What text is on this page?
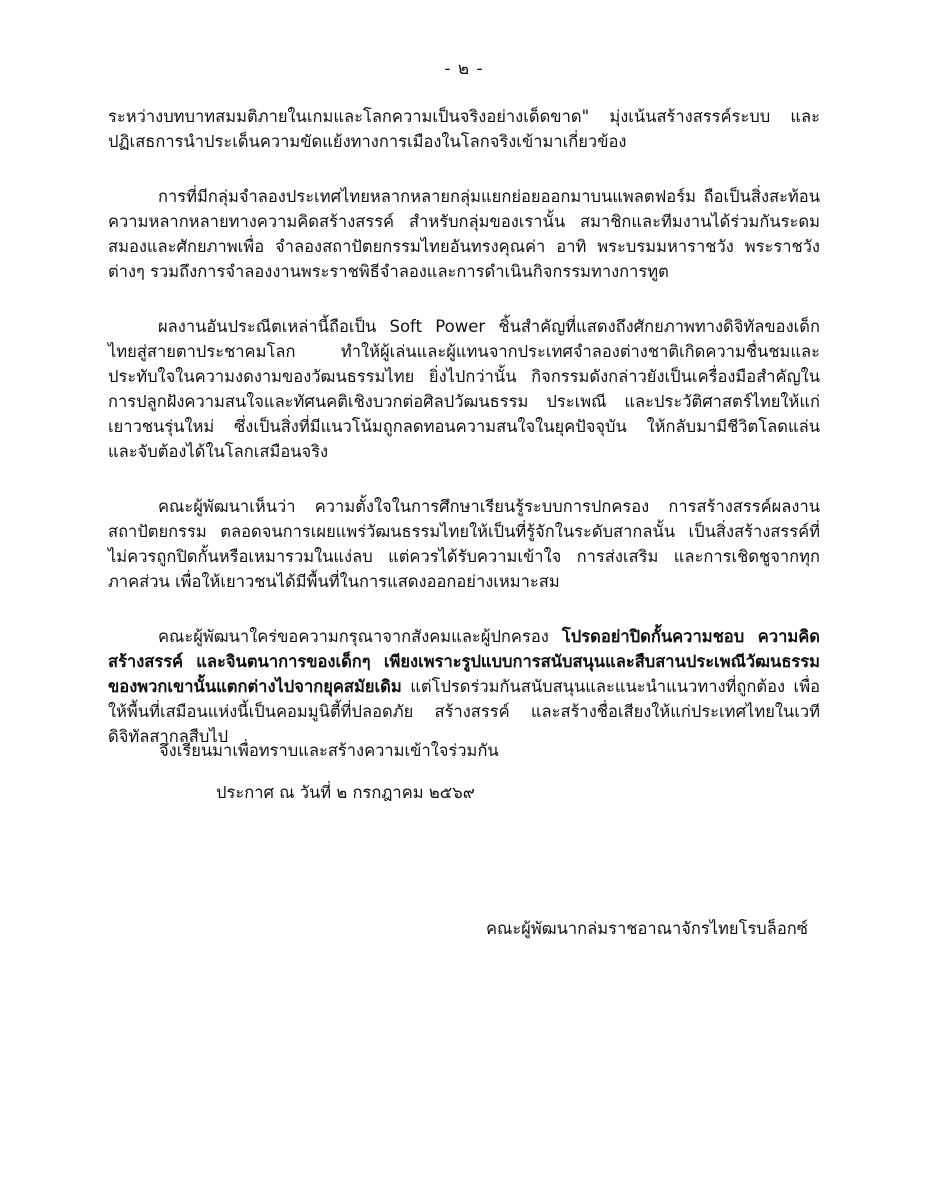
- ๒ -

ระหว่างบทบาทสมมติภายในเกมและโลกความเป็นจริงอย่างเด็ดขาด" มุ่งเน้นสร้างสรรค์ระบบ และปฏิเสธการนำประเด็นความขัดแย้งทางการเมืองในโลกจริงเข้ามาเกี่ยวข้อง

การที่มีกลุ่มจำลองประเทศไทยหลากหลายกลุ่มแยกย่อยออกมาบนแพลตฟอร์ม ถือเป็นสิ่งสะท้อนความหลากหลายทางความคิดสร้างสรรค์ สำหรับกลุ่มของเรานั้น สมาชิกและทีมงานได้ร่วมกันระดมสมองและศักยภาพเพื่อ จำลองสถาปัตยกรรมไทยอันทรงคุณค่า อาทิ พระบรมมหาราชวัง พระราชวังต่างๆ รวมถึงการจำลองงานพระราชพิธีจำลองและการดำเนินกิจกรรมทางการทูต

ผลงานอันประณีตเหล่านี้ถือเป็น Soft Power ชิ้นสำคัญที่แสดงถึงศักยภาพทางดิจิทัลของเด็กไทยสู่สายตาประชาคมโลก ทำให้ผู้เล่นและผู้แทนจากประเทศจำลองต่างชาติเกิดความชื่นชมและประทับใจในความงดงามของวัฒนธรรมไทย ยิ่งไปกว่านั้น กิจกรรมดังกล่าวยังเป็นเครื่องมือสำคัญในการปลูกฝังความสนใจและทัศนคติเชิงบวกต่อศิลปวัฒนธรรม ประเพณี และประวัติศาสตร์ไทยให้แก่เยาวชนรุ่นใหม่ ซึ่งเป็นสิ่งที่มีแนวโน้มถูกลดทอนความสนใจในยุคปัจจุบัน ให้กลับมามีชีวิตโลดแล่นและจับต้องได้ในโลกเสมือนจริง

คณะผู้พัฒนาเห็นว่า ความตั้งใจในการศึกษาเรียนรู้ระบบการปกครอง การสร้างสรรค์ผลงานสถาปัตยกรรม ตลอดจนการเผยแพร่วัฒนธรรมไทยให้เป็นที่รู้จักในระดับสากลนั้น เป็นสิ่งสร้างสรรค์ที่ไม่ควรถูกปิดกั้นหรือเหมารวมในแง่ลบ แต่ควรได้รับความเข้าใจ การส่งเสริม และการเชิดชูจากทุกภาคส่วน เพื่อให้เยาวชนได้มีพื้นที่ในการแสดงออกอย่างเหมาะสม

คณะผู้พัฒนาใคร่ขอความกรุณาจากสังคมและผู้ปกครอง โปรดอย่าปิดกั้นความชอบ ความคิดสร้างสรรค์ และจินตนาการของเด็กๆ เพียงเพราะรูปแบบการสนับสนุนและสืบสานประเพณีวัฒนธรรมของพวกเขานั้นแตกต่างไปจากยุคสมัยเดิม แต่โปรดร่วมกันสนับสนุนและแนะนำแนวทางที่ถูกต้อง เพื่อให้พื้นที่เสมือนแห่งนี้เป็นคอมมูนิตี้ที่ปลอดภัย สร้างสรรค์ และสร้างชื่อเสียงให้แก่ประเทศไทยในเวทีดิจิทัลสากลสืบไป

จึงเรียนมาเพื่อทราบและสร้างความเข้าใจร่วมกัน
ประกาศ ณ วันที่ ๒ กรกฎาคม ๒๕๖๙
คณะผู้พัฒนากล่มราชอาณาจักรไทยโรบล็อกซ์
